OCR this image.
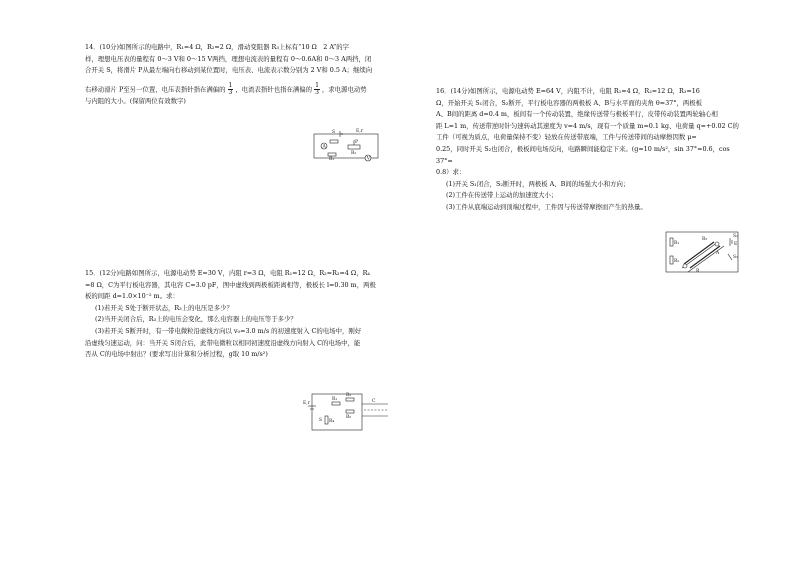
14．(10分)如图所示的电路中，R₁=4 Ω，R₂=2 Ω，滑动变阻器 R₃上标有“10 Ω　2 A”的字

样，理想电压表的量程有 0～3 V和 0～15 V两挡，理想电流表的量程有 0～0.6A和 0～3 A两挡，闭

合开关 S，将滑片 P从最左端向右移动到某位置时，电压表、电流表示数分别为 2 V和 0.5 A；继续向

右移动滑片 P至另一位置，电压表指针指在满偏的 $\frac{1}{3}$ ，电流表指针也指在满偏的 $\frac{1}{3}$ ，求电源电动势

与内阻的大小。(保留两位有效数字)

S	E,r
A
R₁
P
R₂
V

15．(12分)电路如图所示，电源电动势 E=30 V，内阻 r=3 Ω，电阻 R₁=12 Ω，R₂=R₃=4 Ω，R₄

=8 Ω，C为平行板电容器，其电容 C=3.0 pF，图中虚线到两极板距离相等，极板长 l=0.30 m，两极

板的间距 d=1.0×10⁻² m。求：

(1)若开关 S处于断开状态，R₃上的电压是多少？

(2)当开关闭合后，R₃上的电压会变化，那么电容器上的电压等于多少？

(3)若开关 S断开时，有一带电微粒沿虚线方向以 v₀=3.0 m/s 的初速度射入 C的电场中，刚好

沿虚线匀速运动，问：当开关 S闭合后，此带电微粒以相同初速度沿虚线方向射入 C的电场中，能

否从 C的电场中射出？(要求写出计算和分析过程，g取 10 m/s²)

E,r
R₁
R₂
R₃
R₄
S
C

16．(14分)如图所示，电源电动势 E=64 V，内阻不计，电阻 R₁=4 Ω，R₂=12 Ω，R₃=16

Ω，开始开关 S₁闭合，S₂断开，平行板电容器的两极板 A、B与水平面的夹角 θ=37°，两极板

A、B间的距离 d=0.4 m，板间有一个传动装置，绝缘传送带与极板平行，皮带传动装置两轮轴心相

距 L=1 m，传送带逆时针匀速转动其速度为 v=4 m/s，现有一个质量 m=0.1 kg、电荷量 q=+0.02 C的

工件（可视为质点，电荷量保持不变）轻放在传送带底端，工件与传送带间的动摩擦因数 μ=

0.25，同时开关 S₂也闭合，极板间电场反向，电路瞬间能稳定下来。(g=10 m/s²，sin 37°=0.6，cos 37°=

0.8）求：

(1)开关 S₁闭合，S₂断开时，两极板 A、B间的场强大小和方向；

(2)工件在传送带上运动的加速度大小；

(3)工件从底端运动到顶端过程中，工件因与传送带摩擦而产生的热量。

R₁
R₂
R₃
S₁
S₂
E
A
B
